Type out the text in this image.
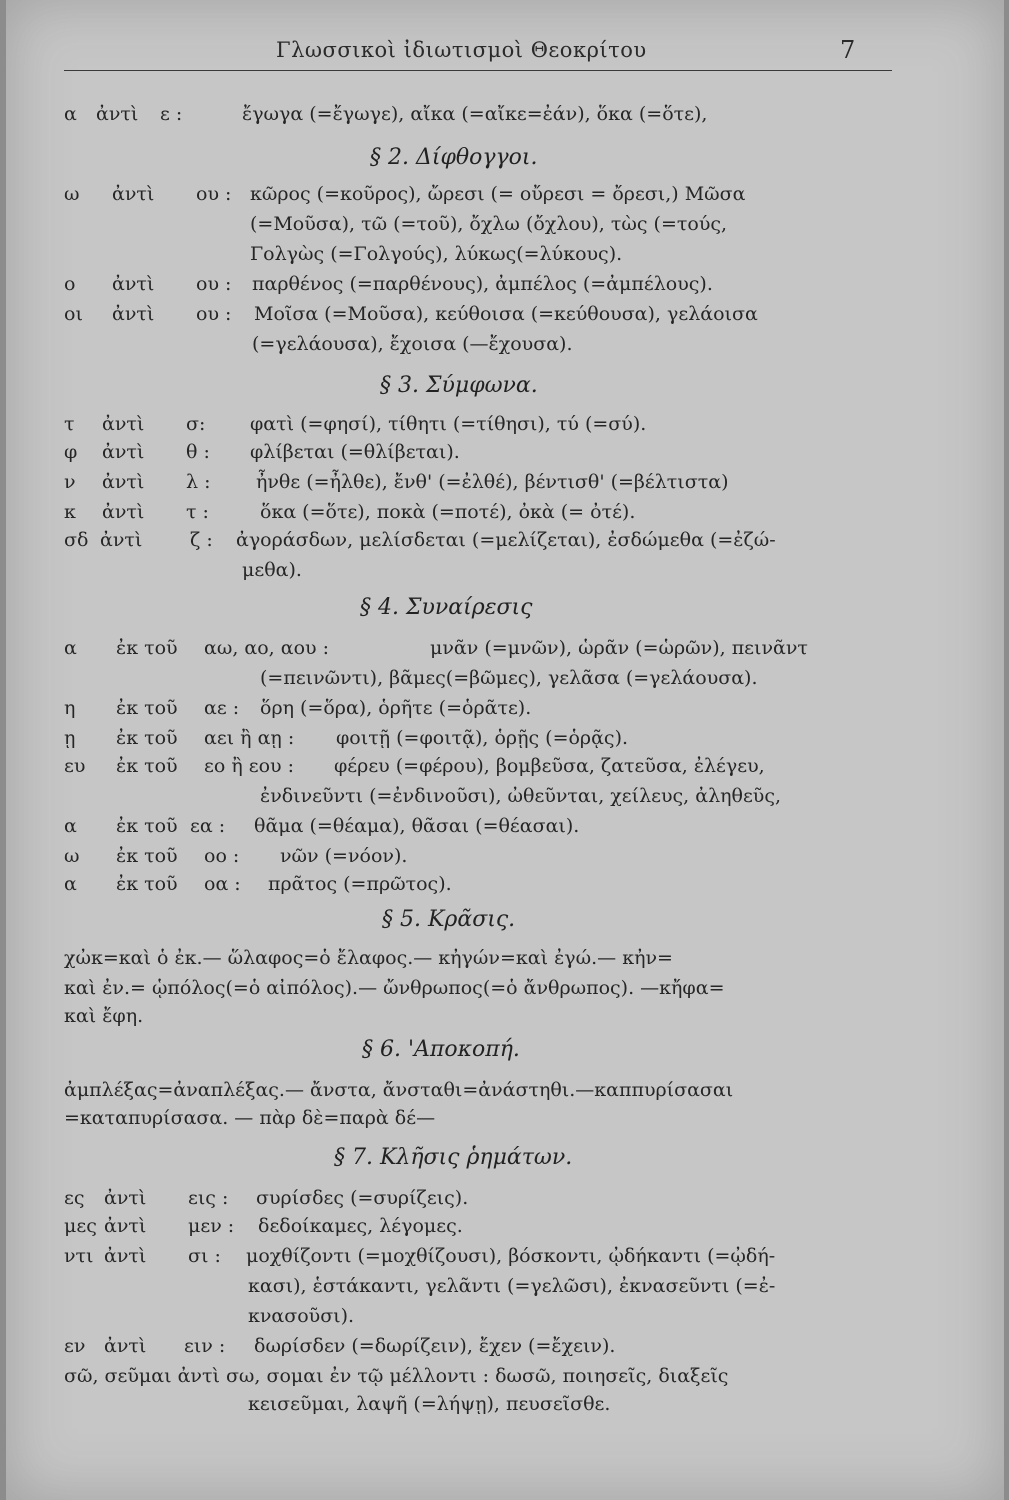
Γλωσσικοὶ ἰδιωτισμοὶ Θεοκρίτου	7
α ἀντὶ ε :	ἔγωγα (=ἔγωγε), αἴκα (=αἴκε=ἐάν), ὅκα (=ὅτε),
§ 2. Δίφθογγοι.
ω ἀντὶ ου : κῶρος (=κοῦρος), ὤρεσι (= οὔρεσι = ὄρεσι,) Μῶσα
(=Μοῦσα), τῶ (=τοῦ), ὄχλω (ὄχλου), τὼς (=τούς,
Γολγὼς (=Γολγούς), λύκως(=λύκους).
ο ἀντὶ ου : παρθένος (=παρθένους), ἀμπέλος (=ἀμπέλους).
οι ἀντὶ ου : Μοῖσα (=Μοῦσα), κεύθοισα (=κεύθουσα), γελάοισα
(=γελάουσα), ἔχοισα (—ἔχουσα).
§ 3. Σύμφωνα.
τ ἀντὶ σ: φατὶ (=φησί), τίθητι (=τίθησι), τύ (=σύ).
φ ἀντὶ θ : φλίβεται (=θλίβεται).
ν ἀντὶ λ : ἦνθε (=ἦλθε), ἔνθ' (=ἐλθέ), βέντισθ' (=βέλτιστα)
κ ἀντὶ τ :	ὅκα (=ὅτε), ποκὰ (=ποτέ), ὀκὰ (= ὀτέ).
σδ ἀντὶ	ζ : ἀγοράσδων, μελίσδεται (=μελίζεται), ἐσδώμεθα (=ἐζώ-
μεθα).
§ 4. Συναίρεσις
α ἐκ τοῦ αω, αο, αου :	μνᾶν (=μνῶν), ὡρᾶν (=ὡρῶν), πεινᾶντ
(=πεινῶντι), βᾶμες(=βῶμες), γελᾶσα (=γελάουσα).
η ἐκ τοῦ αε : ὅρη (=ὅρα), ὁρῆτε (=ὁρᾶτε).
ῃ ἐκ τοῦ αει ἢ αῃ : φοιτῇ (=φοιτᾷ), ὁρῇς (=ὁρᾷς).
ευ ἐκ τοῦ εο ἢ εου : φέρευ (=φέρου), βομβεῦσα, ζατεῦσα, ἐλέγευ,
ἐνδινεῦντι (=ἐνδινοῦσι), ὠθεῦνται, χείλευς, ἀληθεῦς,
α ἐκ τοῦ εα : θᾶμα (=θέαμα), θᾶσαι (=θέασαι).
ω ἐκ τοῦ οο : νῶν (=νόον).
α ἐκ τοῦ οα : πρᾶτος (=πρῶτος).
§ 5. Κρᾶσις.
χὠκ=καὶ ὁ ἐκ.— ὥλαφος=ὁ ἔλαφος.— κἠγών=καὶ ἐγώ.— κἠν=
καὶ ἐν.= ᾡπόλος(=ὁ αἰπόλος).— ὤνθρωπος(=ὁ ἄνθρωπος). —κἤφα=
καὶ ἔφη.
§ 6. 'Αποκοπή.
ἀμπλέξας=ἀναπλέξας.— ἄνστα, ἄνσταθι=ἀνάστηθι.—καππυρίσασαι
=καταπυρίσασα. — πὰρ δὲ=παρὰ δέ—
§ 7. Κλῆσις ῥημάτων.
ες ἀντὶ εις : συρίσδες (=συρίζεις).
μες ἀντὶ μεν : δεδοίκαμες, λέγομες.
ντι ἀντὶ σι : μοχθίζοντι (=μοχθίζουσι), βόσκοντι, ᾠδήκαντι (=ᾠδή-
κασι), ἑστάκαντι, γελᾶντι (=γελῶσι), ἐκνασεῦντι (=ἐ-
κνασοῦσι).
εν ἀντὶ ειν : δωρίσδεν (=δωρίζειν), ἔχεν (=ἔχειν).
σῶ, σεῦμαι ἀντὶ σω, σομαι ἐν τῷ μέλλοντι : δωσῶ, ποιησεῖς, διαξεῖς
κεισεῦμαι, λαψῆ (=λήψῃ), πευσεῖσθε.
